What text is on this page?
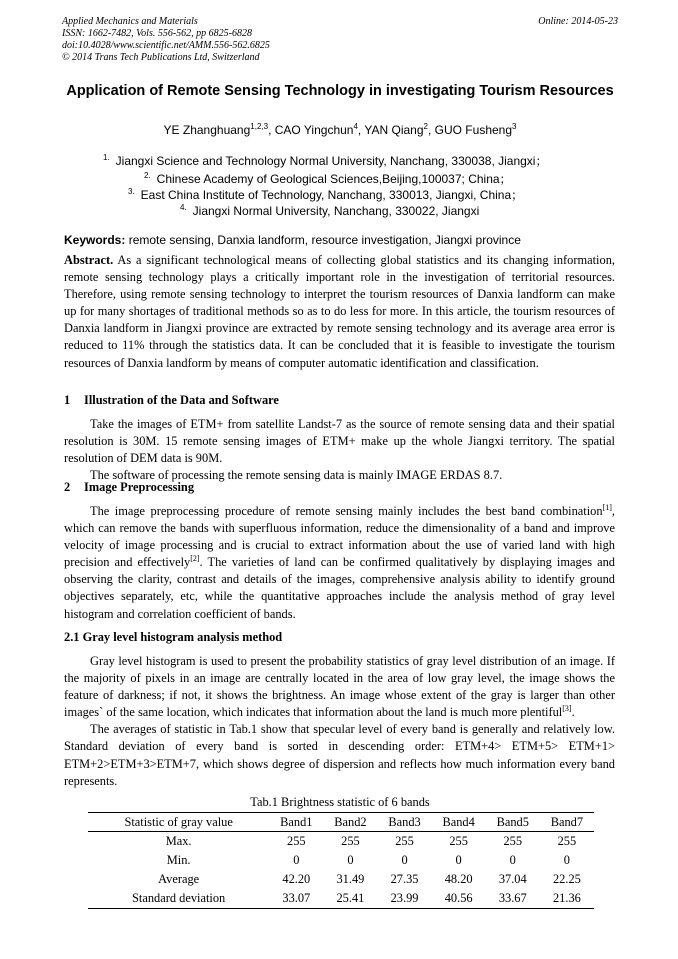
Applied Mechanics and Materials
ISSN: 1662-7482, Vols. 556-562, pp 6825-6828
doi:10.4028/www.scientific.net/AMM.556-562.6825
© 2014 Trans Tech Publications Ltd, Switzerland
Online: 2014-05-23
Application of Remote Sensing Technology in investigating Tourism Resources
YE Zhanghuang$^{1,2,3}$, CAO Yingchun$^4$, YAN Qiang$^2$, GUO Fusheng$^3$
$^{1.}$ Jiangxi Science and Technology Normal University, Nanchang, 330038, Jiangxi；
$^{2.}$ Chinese Academy of Geological Sciences,Beijing,100037; China；
$^{3.}$ East China Institute of Technology, Nanchang, 330013, Jiangxi, China；
$^{4.}$ Jiangxi Normal University, Nanchang, 330022, Jiangxi
Keywords: remote sensing, Danxia landform, resource investigation, Jiangxi province
Abstract. As a significant technological means of collecting global statistics and its changing information, remote sensing technology plays a critically important role in the investigation of territorial resources. Therefore, using remote sensing technology to interpret the tourism resources of Danxia landform can make up for many shortages of traditional methods so as to do less for more. In this article, the tourism resources of Danxia landform in Jiangxi province are extracted by remote sensing technology and its average area error is reduced to 11% through the statistics data. It can be concluded that it is feasible to investigate the tourism resources of Danxia landform by means of computer automatic identification and classification.
1 Illustration of the Data and Software
Take the images of ETM+ from satellite Landst-7 as the source of remote sensing data and their spatial resolution is 30M. 15 remote sensing images of ETM+ make up the whole Jiangxi territory. The spatial resolution of DEM data is 90M.
The software of processing the remote sensing data is mainly IMAGE ERDAS 8.7.
2 Image Preprocessing
The image preprocessing procedure of remote sensing mainly includes the best band combination[1], which can remove the bands with superfluous information, reduce the dimensionality of a band and improve velocity of image processing and is crucial to extract information about the use of varied land with high precision and effectively[2]. The varieties of land can be confirmed qualitatively by displaying images and observing the clarity, contrast and details of the images, comprehensive analysis ability to identify ground objectives separately, etc, while the quantitative approaches include the analysis method of gray level histogram and correlation coefficient of bands.
2.1 Gray level histogram analysis method
Gray level histogram is used to present the probability statistics of gray level distribution of an image. If the majority of pixels in an image are centrally located in the area of low gray level, the image shows the feature of darkness; if not, it shows the brightness. An image whose extent of the gray is larger than other images` of the same location, which indicates that information about the land is much more plentiful[3].
The averages of statistic in Tab.1 show that specular level of every band is generally and relatively low. Standard deviation of every band is sorted in descending order: ETM+4> ETM+5> ETM+1> ETM+2>ETM+3>ETM+7, which shows degree of dispersion and reflects how much information every band represents.
Tab.1 Brightness statistic of 6 bands
Statistic of gray value	Band1	Band2	Band3	Band4	Band5	Band7
Max.	255	255	255	255	255	255
Min.	0	0	0	0	0	0
Average	42.20	31.49	27.35	48.20	37.04	22.25
Standard deviation	33.07	25.41	23.99	40.56	33.67	21.36
